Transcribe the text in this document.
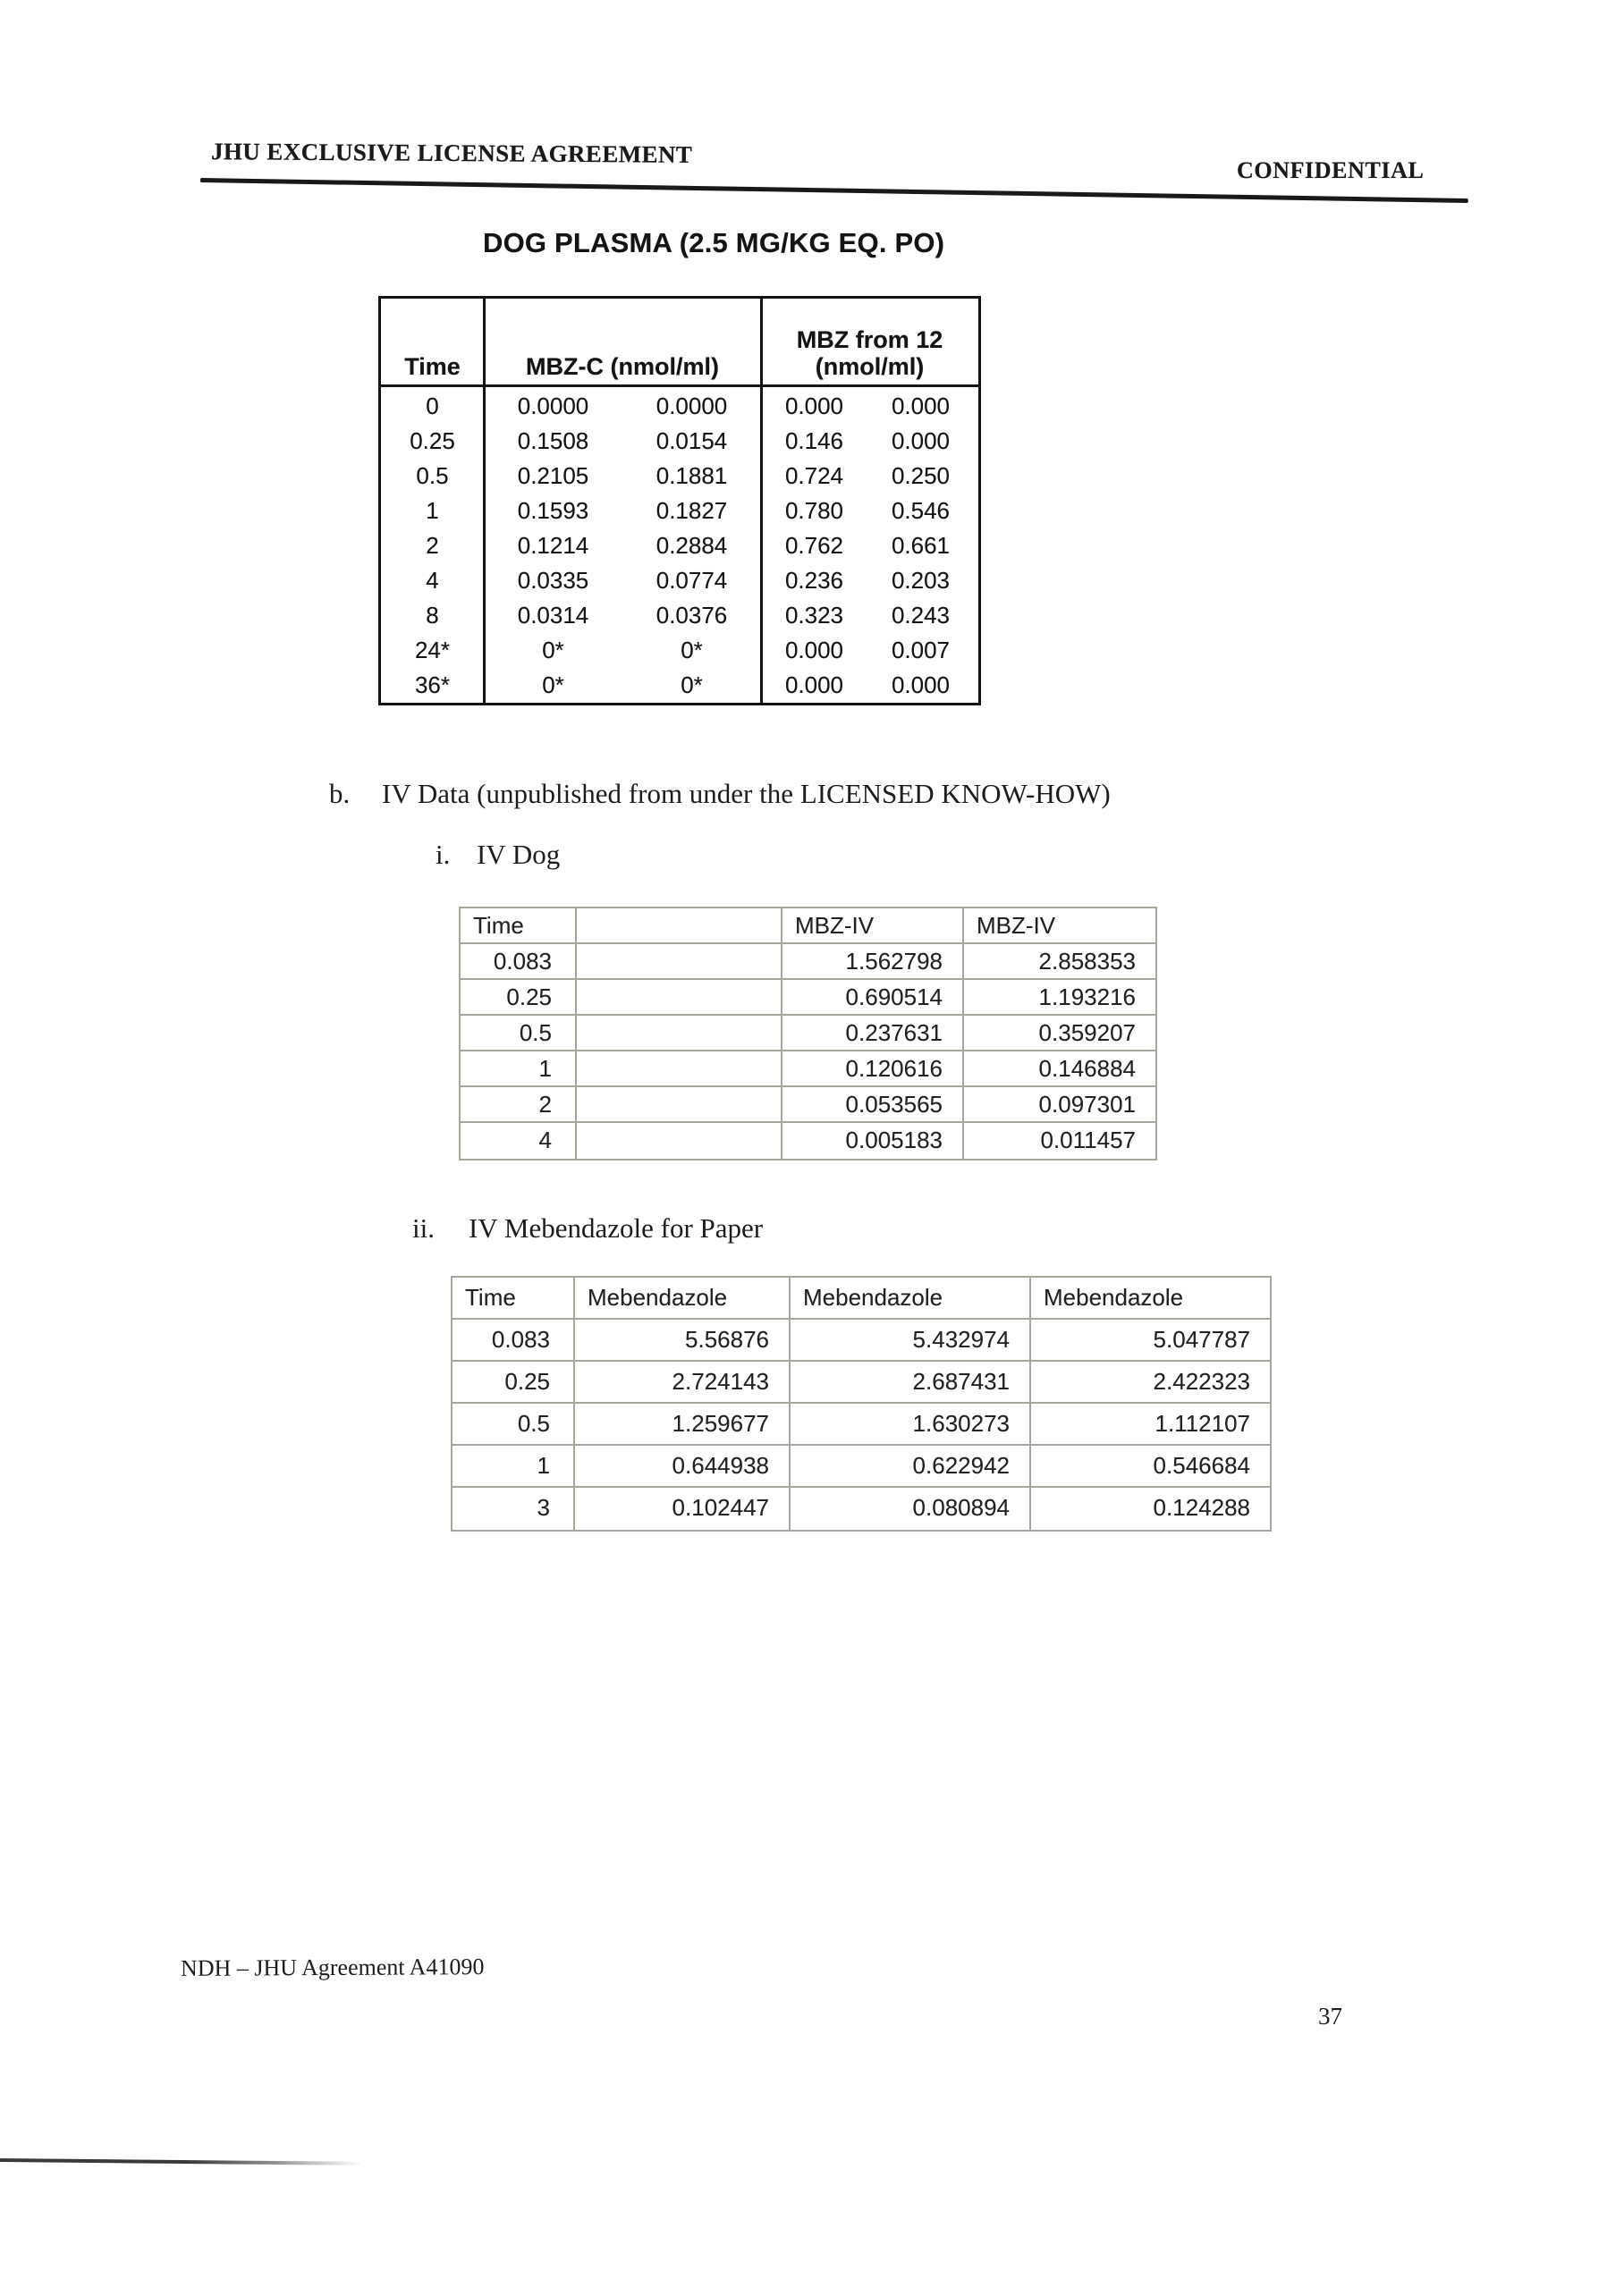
JHU EXCLUSIVE LICENSE AGREEMENT
CONFIDENTIAL
DOG PLASMA (2.5 MG/KG EQ. PO)
Time	MBZ-C (nmol/ml)
MBZ from 12
(nmol/ml)
0	0.0000	0.0000	0.000	0.000
0.25	0.1508	0.0154	0.146	0.000
0.5	0.2105	0.1881	0.724	0.250
1	0.1593	0.1827	0.780	0.546
2	0.1214	0.2884	0.762	0.661
4	0.0335	0.0774	0.236	0.203
8	0.0314	0.0376	0.323	0.243
24*	0*	0*	0.000	0.007
36*	0*	0*	0.000	0.000
b. IV Data (unpublished from under the LICENSED KNOW-HOW)
i. IV Dog
Time	MBZ-IV	MBZ-IV
0.083	1.562798	2.858353
0.25	0.690514	1.193216
0.5	0.237631	0.359207
1	0.120616	0.146884
2	0.053565	0.097301
4	0.005183	0.011457
ii. IV Mebendazole for Paper
Time	Mebendazole	Mebendazole	Mebendazole
0.083	5.56876	5.432974	5.047787
0.25	2.724143	2.687431	2.422323
0.5	1.259677	1.630273	1.112107
1	0.644938	0.622942	0.546684
3	0.102447	0.080894	0.124288
NDH – JHU Agreement A41090
37
